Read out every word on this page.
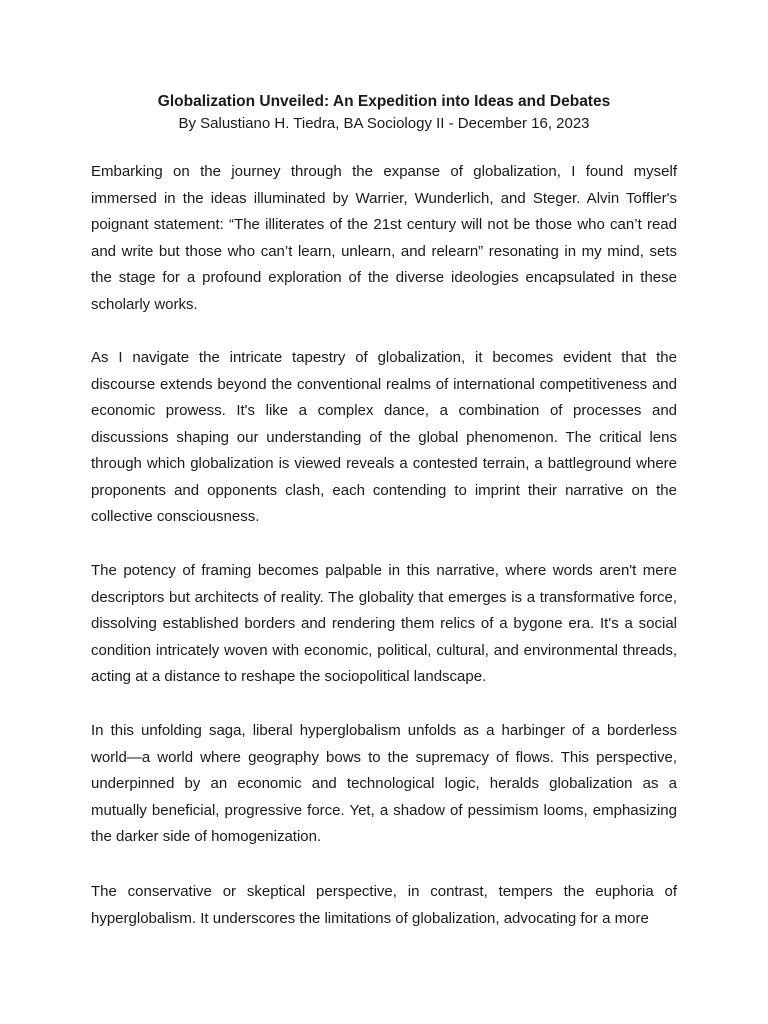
Globalization Unveiled: An Expedition into Ideas and Debates

By Salustiano H. Tiedra, BA Sociology II - December 16, 2023

Embarking on the journey through the expanse of globalization, I found myself immersed in the ideas illuminated by Warrier, Wunderlich, and Steger. Alvin Toffler's poignant statement: “The illiterates of the 21st century will not be those who can’t read and write but those who can’t learn, unlearn, and relearn” resonating in my mind, sets the stage for a profound exploration of the diverse ideologies encapsulated in these scholarly works.

As I navigate the intricate tapestry of globalization, it becomes evident that the discourse extends beyond the conventional realms of international competitiveness and economic prowess. It's like a complex dance, a combination of processes and discussions shaping our understanding of the global phenomenon. The critical lens through which globalization is viewed reveals a contested terrain, a battleground where proponents and opponents clash, each contending to imprint their narrative on the collective consciousness.

The potency of framing becomes palpable in this narrative, where words aren't mere descriptors but architects of reality. The globality that emerges is a transformative force, dissolving established borders and rendering them relics of a bygone era. It's a social condition intricately woven with economic, political, cultural, and environmental threads, acting at a distance to reshape the sociopolitical landscape.

In this unfolding saga, liberal hyperglobalism unfolds as a harbinger of a borderless world—a world where geography bows to the supremacy of flows. This perspective, underpinned by an economic and technological logic, heralds globalization as a mutually beneficial, progressive force. Yet, a shadow of pessimism looms, emphasizing the darker side of homogenization.

The conservative or skeptical perspective, in contrast, tempers the euphoria of hyperglobalism. It underscores the limitations of globalization, advocating for a more
